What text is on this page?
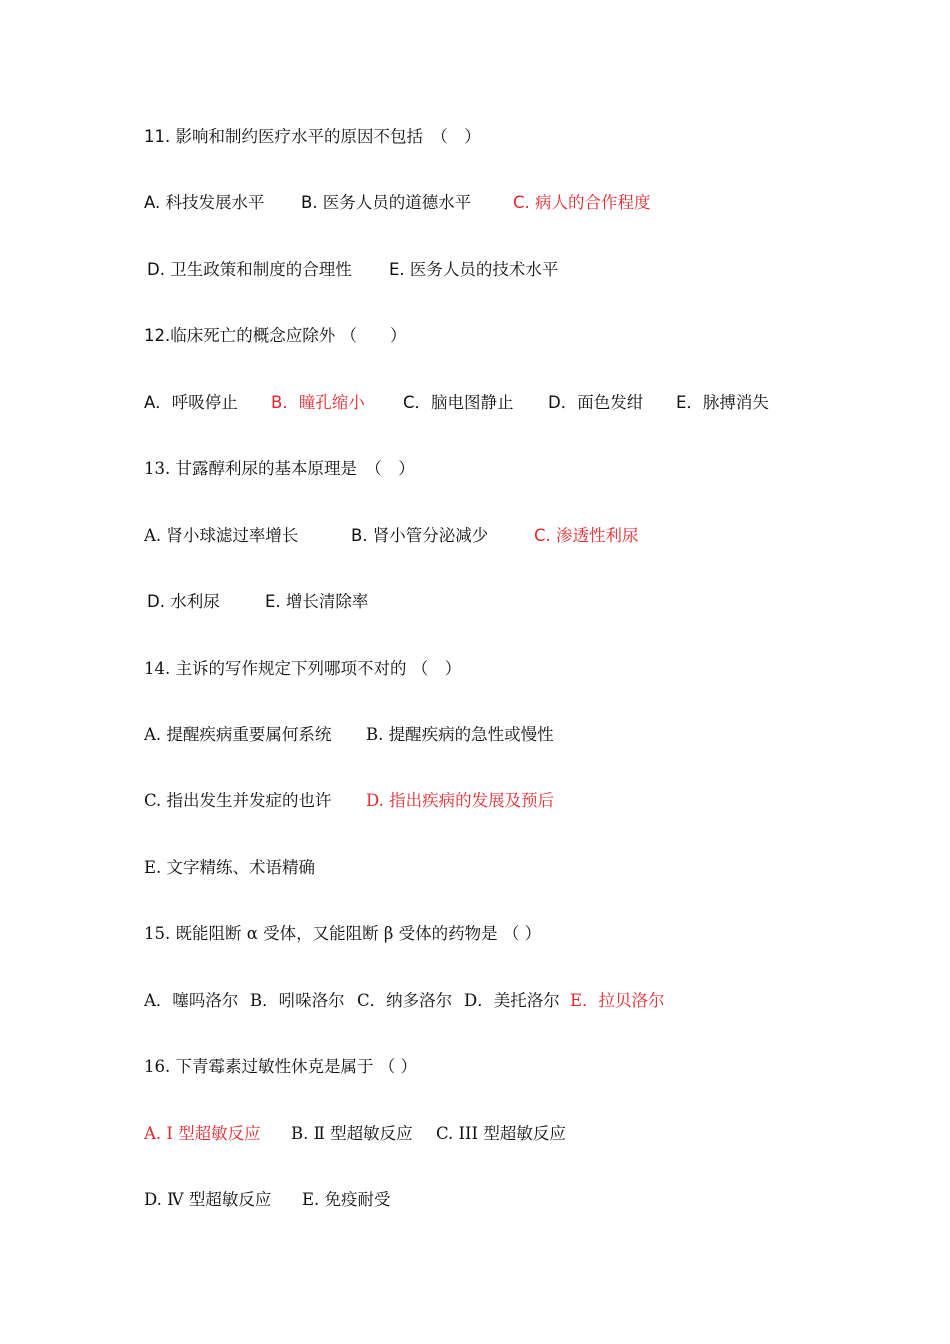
11. 影响和制约医疗水平的原因不包括　（　）
A. 科技发展水平 B. 医务人员的道德水平	C. 病人的合作程度
D. 卫生政策和制度的合理性 E. 医务人员的技术水平
12.临床死亡的概念应除外 （　　）
A．呼吸停止 B．瞳孔缩小 C．脑电图静止 D．面色发绀 E．脉搏消失
13. 甘露醇利尿的基本原理是　（　）
A. 肾小球滤过率增长	B. 肾小管分泌减少	C. 渗透性利尿
D. 水利尿	E. 增长清除率
14. 主诉的写作规定下列哪项不对的 （　）
A. 提醒疾病重要属何系统 B. 提醒疾病的急性或慢性
C. 指出发生并发症的也许 D. 指出疾病的发展及预后
E. 文字精练、术语精确
15. 既能阻断 α 受体，又能阻断 β 受体的药物是 （ ）
A．噻吗洛尔 B．吲哚洛尔 C．纳多洛尔 D．美托洛尔 E．拉贝洛尔
16. 下青霉素过敏性休克是属于 （ ）
A. Ⅰ 型超敏反应 B. Ⅱ 型超敏反应 C. III 型超敏反应
D. Ⅳ 型超敏反应 E. 免疫耐受
